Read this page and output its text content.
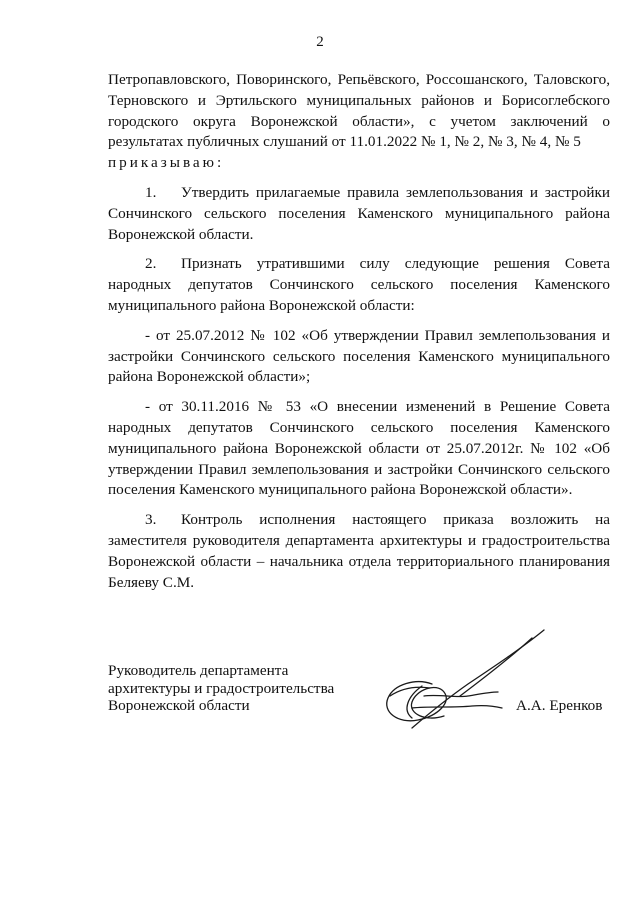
2

Петропавловского, Поворинского, Репьёвского, Россошанского, Таловского, Терновского и Эртильского муниципальных районов и Борисоглебского городского округа Воронежской области», с учетом заключений о результатах публичных слушаний от 11.01.2022 № 1, № 2, № 3, № 4, № 5

приказываю:

1. Утвердить прилагаемые правила землепользования и застройки Сончинского сельского поселения Каменского муниципального района Воронежской области.

2. Признать утратившими силу следующие решения Совета народных депутатов Сончинского сельского поселения Каменского муниципального района Воронежской области:

- от 25.07.2012 № 102 «Об утверждении Правил землепользования и застройки Сончинского сельского поселения Каменского муниципального района Воронежской области»;

- от 30.11.2016 № 53 «О внесении изменений в Решение Совета народных депутатов Сончинского сельского поселения Каменского муниципального района Воронежской области от 25.07.2012г. № 102 «Об утверждении Правил землепользования и застройки Сончинского сельского поселения Каменского муниципального района Воронежской области».

3. Контроль исполнения настоящего приказа возложить на заместителя руководителя департамента архитектуры и градостроительства Воронежской области – начальника отдела территориального планирования Беляеву С.М.

Руководитель департамента
архитектуры и градостроительства
Воронежской области	А.А. Еренков
